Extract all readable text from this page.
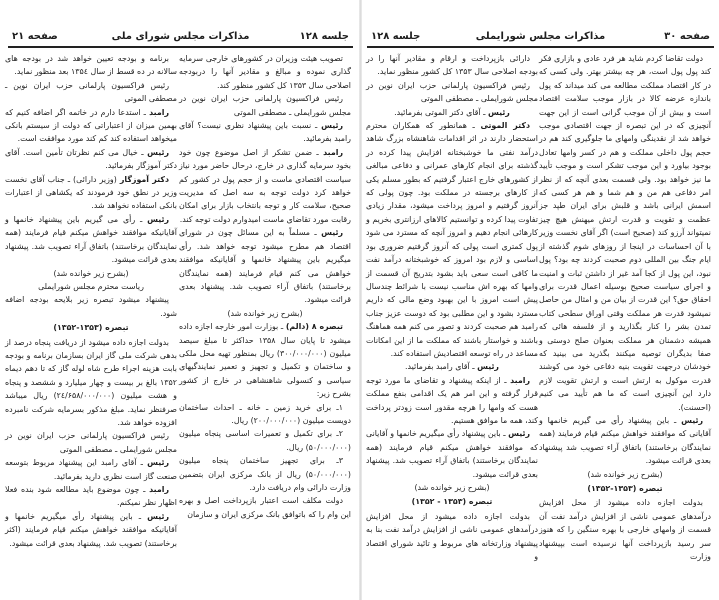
جلسه ۱۲۸
مذاکرات مجلس شورای ملی
صفحه ۲۱

تصویب هیئت وزیران در کشورهای خارجی سرمایه گذاری نموده و مبالغ و مقادیر آنها را دربودجه اصلاحی سال ۱۳۵۳ کل کشور منظور کند.

رئیس فراکسیون پارلمانی حزب ایران نوین در مجلس شورایملی ـ مصطفی الموتی

رئیس ـ نسبت باین پیشنهاد نظری نیست؟ آقای رامبد بفرمائید.

رامبد ـ ضمن تشکر از اصل موضوع چون خود بخود سرمایه گذاری در خارج، درحال حاضر مورد نیاز سیاست اقتصادی ماست و از حجم پول در کشور کم خواهد کرد دولت توجه به سه اصل که مدیریت صحیح، سلامت کار و توجه بانتخاب بازار برای امکان رقابت مورد تقاضای ماست امیدوارم دولت توجه کند.

رئیس ـ مسلماً به این مسائل چون در شورای اقتصاد هم مطرح میشود توجه خواهد شد. رأی میگیریم باین پیشنهاد خانمها و آقایانیکه موافقند خواهش می کنم قیام فرمایند (همه نمایندگان برخاستند) باتفاق آراء تصویب شد. پیشنهاد بعدی قرائت میشود.

(بشرح زیر خوانده شد)

تبصره ۸ (دالم) ـ بوزارت امور خارجه اجازه داده میشود تا پایان سال ۱۳۵۸ حداکثر تا مبلغ سیصد میلیون (۳۰۰/۰۰۰/۰۰۰) ریال بمنظور تهیه محل ملکی و ساختمان و تکمیل و تجهیز و تعمیر نمایندگیهای سیاسی و کنسولی شاهنشاهی در خارج از کشور بشرح زیر:

۱ـ برای خرید زمین ـ خانه ـ احداث ساختمان دویست میلیون (۲۰۰/۰۰۰/۰۰۰) ریال.

۲ـ برای تکمیل و تعمیرات اساسی پنجاه میلیون (۵۰/۰۰۰/۰۰۰) ریال.

۳ـ برای تجهیز ساختمان پنجاه میلیون (۵۰/۰۰۰/۰۰۰) ریال از بانک مرکزی ایران بتضمین وزارت دارائی وام دریافت دارد.

دولت مکلف است اعتبار بازپرداخت اصل و بهره این وام را که باتوافق بانک مرکزی ایران و سازمان

برنامه و بودجه تعیین خواهد شد در بودجه های سالانه در ده قسط از سال ۱۳۵٤ بعد منظور نماید.

رئیس فراکسیون پارلمانی حزب ایران نوین ـ مصطفی الموتی

رامبد ـ استدعا دارم در خاتمه اگر اضافه کنیم که بهمین میزان از اعتباراتی که دولت از سیستم بانکی میخواهد استفاده کند کم کند مورد موافقت است.

رئیس ـ خیال می کنم نظرتان تأمین است. آقای دکتر آموزگار بفرمائید.

دکتر آموزگار (وزیر دارائی) ـ جناب آقای نخست وزیر در نطق خود فرمودند که یکشاهی از اعتبارات بانکی استفاده نخواهد شد.

رئیس ـ رأی می گیریم باین پیشنهاد خانمها و آقایانیکه موافقند خواهش میکنم قیام فرمایند (همه نمایندگان برخاستند) باتفاق آراء تصویب شد. پیشنهاد بعدی قرائت میشود.

(بشرح زیر خوانده شد)

ریاست محترم مجلس شورایملی

پیشنهاد میشود تبصره زیر بلایحه بودجه اضافه شود.

تبصره (۱۳۵۳-۱۳۵۲)

بدولت اجازه داده میشود از دریافت پنجاه درصد از بدهی شرکت ملی گاز ایران بسازمان برنامه و بودجه بابت هزینه اجراء طرح شاه لوله گاز که تا دهم دیماه ۱۳۵۲ بالغ بر بیست و چهار میلیارد و ششصد و پنجاه و هشت میلیون (۲٤/۶۵۸/۰۰۰/۰۰۰) ریال میباشد صرفنظر نماید. مبلغ مذکور بسرمایه شرکت نامبرده افزوده خواهد شد.

رئیس فراکسیون پارلمانی حزب ایران نوین در مجلس شورایملی ـ مصطفی الموتی

رئیس ـ آقای رامبد این پیشنهاد مربوط بتوسعه صنعت گاز است نظری دارید بفرمائید.

رامبد ـ چون موضوع باید مطالعه شود بنده فعلا اظهار نظر نمیکنم.

رئیس ـ باین پیشنهاد رأی میگیریم خانمها و آقایانیکه موافقند خواهش میکنم قیام فرمایند (اکثر برخاستند) تصویب شد. پیشنهاد بعدی قرائت میشود.

جلسه ۱۲۸	مذاکرات مجلس شورایملی	صفحه ۳۰

دولت تقاضا کردم شاید هر فرد عادی و بازاری فکر کند پول پول است، هر چه بیشتر بهتر. ولی کسی که در کار اقتصاد مملکت مطالعه می کند میداند که پول باندازه عرضه کالا در بازار موجب سلامت اقتصاد است و بیش از آن موجب گرانی است از این جهت آنچیزی که در این تبصره از جهت اقتصادی موجب خواهد شد از نقدینگی وامهای ما جلوگیری کند هم در حجم پول داخلی مملکت و هم در کسر وامها تعادل بوجود بیاورد و این موجب تشکر است و موجب تأیید ما نیز خواهد بود. ولی قسمت بعدی آنچه که از نظر امر دفاعی هم من و هم شما و هم هر کسی که اسمش ایرانی باشد و قلبش برای ایران طپد جز عظمت و تقویت و قدرت ارتش میهنش هیچ چیز نمیتواند آرزو کند (صحیح است) اگر آقای نخست وزیر با آن احساسات در اینجا از روزهای شوم گذشته از ایام جنگ بین المللی دوم صحبت کردند چه بود؟ پول نبود، این پول از کجا آمد غیر از داشتن ثبات و امنیت و اجرای سیاست صحیح بوسیله اعمال قدرت برای احقاق حق؟ این قدرت از بیان من و امثال من حاصل نمیشود قدرت هر مملکت وقتی اوراق سطحی کتاب تمدن بشر را کنار بگذارید و از فلسفه هائی که همیشه دشمنان هر مملکت بعنوان صلح دوستی و صفا بدیگران توصیه میکنند بگذرید می بینید که خودشان درجهت تقویت بنیه دفاعی خود می کوشند قدرت موکول به ارتش است و ارتش تقویت لازم دارد این آنچیزی است که ما هم تأیید می کنیم (احسنت).

رئیس ـ باین پیشنهاد رأی می گیریم خانمها و آقایانی که موافقند خواهش میکنم قیام فرمایند (همه نمایندگان برخاستند) باتفاق آراء تصویب شد پیشنهاد بعدی قرائت میشود.

(بشرح زیر خوانده شد)

تبصره (۱۳۵۳-۱۳۵۲)

بدولت اجازه داده میشود از محل افزایش درآمدهای عمومی ناشی از افزایش درآمد نفت آن قسمت از وامهای خارجی با بهره سنگین را که هنوز سر رسید بازپرداخت آنها نرسیده است بپیشنهاد وزارت

دارائی بازپرداخت و ارقام و مقادیر آنها را در بودجه اصلاحی سال ۱۳۵۳ کل کشور منظور نماید.

رئیس فراکسیون پارلمانی حزب ایران نوین در مجلس شورایملی ـ مصطفی الموتی

رئیس ـ آقای دکتر الموتی بفرمائید.

دکتر الموتی ـ همانطور که همکاران محترم استحضار دارند در اثر اقدامات شاهنشاه بزرگ شاهد درآمد نفتی ما خوشبختانه افزایش پیدا کرده در گذشته برای انجام کارهای عمرانی و دفاعی مبالغی از کشورهای خارج اعتبار گرفتیم که بطور مسلم یکی از کارهای برجسته در مملکت بود. چون پولی که آنروز گرفتیم و امروز پرداخت میشود، مقدار زیادی تفاوت پیدا کرده و توانستیم کالاهای ارزانتری بخریم و کارهائی انجام دهیم و امروز آنچه که مسترد می شود پول کمتری است پولی که آنروز گرفتیم ضروری بود اساسی و لازم بود امروز که خوشبختانه درآمد نفت ما کافی است سعی باید بشود بتدریج آن قسمت از وامها که بهره اش مناسب نیست با شرائط چندسال پیش است امروز با این بهبود وضع مالی که داریم مسترد بشود و این مطلبی بود که دوست عزیز جناب رامبد هم صحبت کردند و تصور می کنم همه هماهنگ باشند و خواستار باشند که مملکت ما از این امکانات مساعد در راه توسعه اقتصادیش استفاده کند.

رئیس ـ آقای رامبد بفرمائید.

رامبد ـ از اینکه پیشنهاد و تقاضای ما مورد توجه قرار گرفته و این امر هم یک اقدامی بنفع مملکت هست که وامها را هرچه مقدور است زودتر پرداخت کند، همه ما موافق هستیم.

رئیس ـ باین پیشنهاد رأی میگیریم خانمها و آقایانی که موافقند خواهش میکنم قیام فرمایند (همه نمایندگان برخاستند) باتفاق آراء تصویب شد. پیشنهاد بعدی قرائت میشود.

(بشرح زیر خوانده شد)

تبصره (۱۳۵۳ - ۱۳۵۲)

بدولت اجازه داده میشود از محل افزایش درآمدهای عمومی ناشی از افزایش درآمد نفت بنا به پیشنهاد وزارتخانه های مربوط و تائید شورای اقتصاد و
